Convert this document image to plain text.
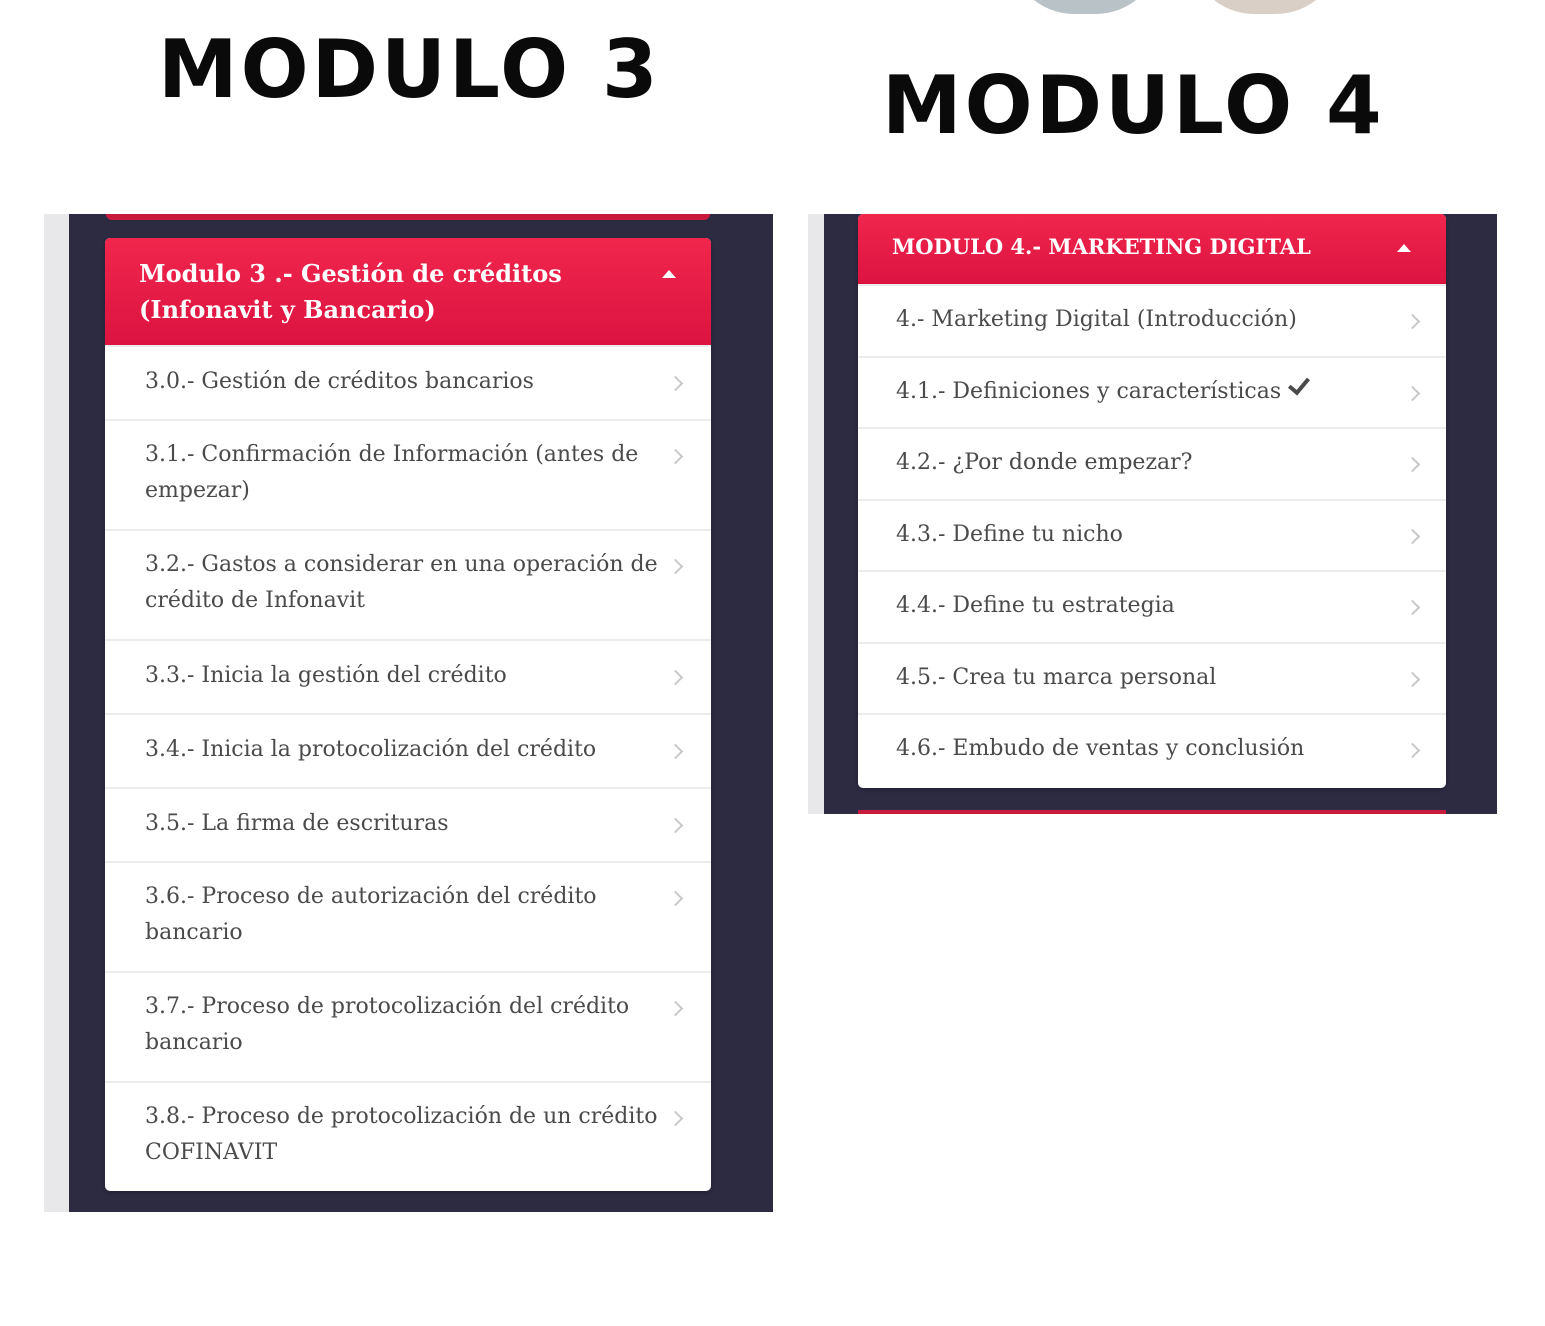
MODULO 3	MODULO 4
Modulo 3 .- Gestión de créditos (Infonavit y Bancario)
3.0.- Gestión de créditos bancarios
3.1.- Confirmación de Información (antes de empezar)
3.2.- Gastos a considerar en una operación de crédito de Infonavit
3.3.- Inicia la gestión del crédito
3.4.- Inicia la protocolización del crédito
3.5.- La firma de escrituras
3.6.- Proceso de autorización del crédito bancario
3.7.- Proceso de protocolización del crédito bancario
3.8.- Proceso de protocolización de un crédito COFINAVIT
MODULO 4.- MARKETING DIGITAL
4.- Marketing Digital (Introducción)
4.1.- Definiciones y características
4.2.- ¿Por donde empezar?
4.3.- Define tu nicho
4.4.- Define tu estrategia
4.5.- Crea tu marca personal
4.6.- Embudo de ventas y conclusión
